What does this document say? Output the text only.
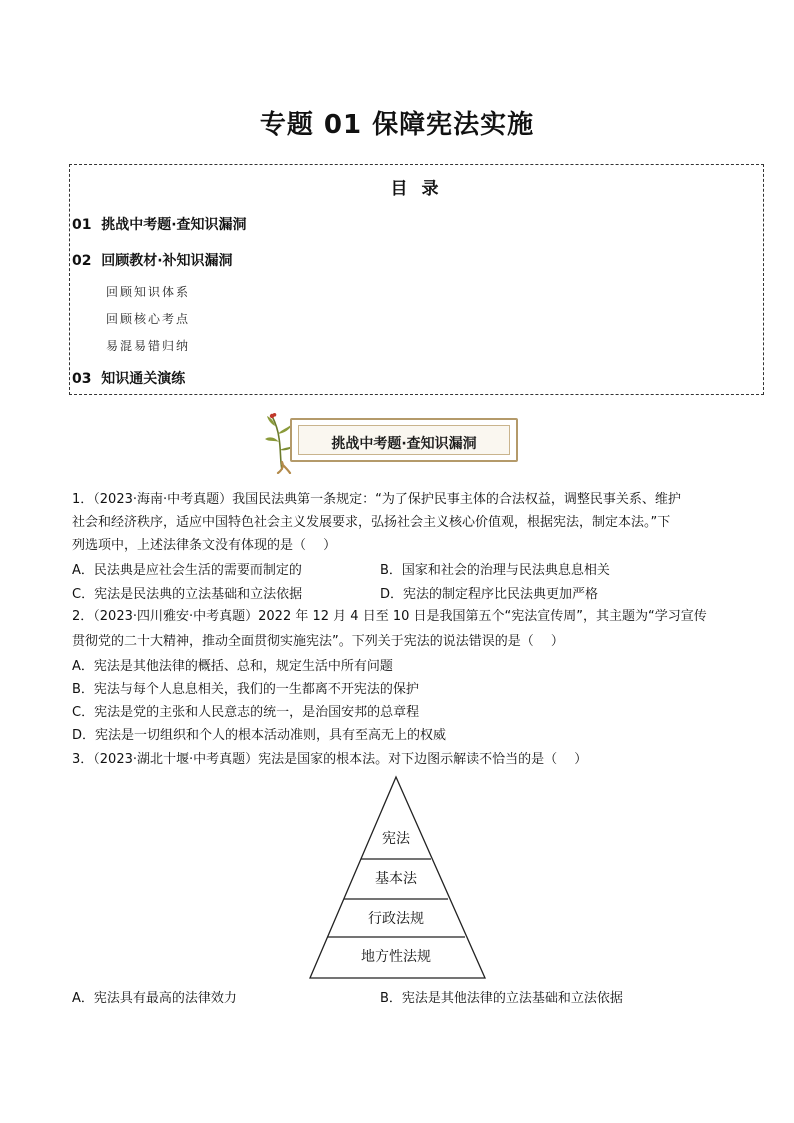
专题 01 保障宪法实施
目 录
01 挑战中考题·查知识漏洞
02 回顾教材·补知识漏洞
回顾知识体系
回顾核心考点
易混易错归纳
03 知识通关演练
挑战中考题·查知识漏洞
1．（2023·海南·中考真题）我国民法典第一条规定：“为了保护民事主体的合法权益，调整民事关系、维护
社会和经济秩序，适应中国特色社会主义发展要求，弘扬社会主义核心价值观，根据宪法，制定本法。”下
列选项中，上述法律条文没有体现的是（　 ）
A．民法典是应社会生活的需要而制定的	B．国家和社会的治理与民法典息息相关
C．宪法是民法典的立法基础和立法依据	D．宪法的制定程序比民法典更加严格
2．（2023·四川雅安·中考真题）2022 年 12 月 4 日至 10 日是我国第五个“宪法宣传周”，其主题为“学习宣传
贯彻党的二十大精神，推动全面贯彻实施宪法”。下列关于宪法的说法错误的是（　 ）
A．宪法是其他法律的概括、总和，规定生活中所有问题
B．宪法与每个人息息相关，我们的一生都离不开宪法的保护
C．宪法是党的主张和人民意志的统一，是治国安邦的总章程
D．宪法是一切组织和个人的根本活动准则，具有至高无上的权威
3．（2023·湖北十堰·中考真题）宪法是国家的根本法。对下边图示解读不恰当的是（　 ）
宪法
基本法
行政法规
地方性法规
A．宪法具有最高的法律效力	B．宪法是其他法律的立法基础和立法依据
